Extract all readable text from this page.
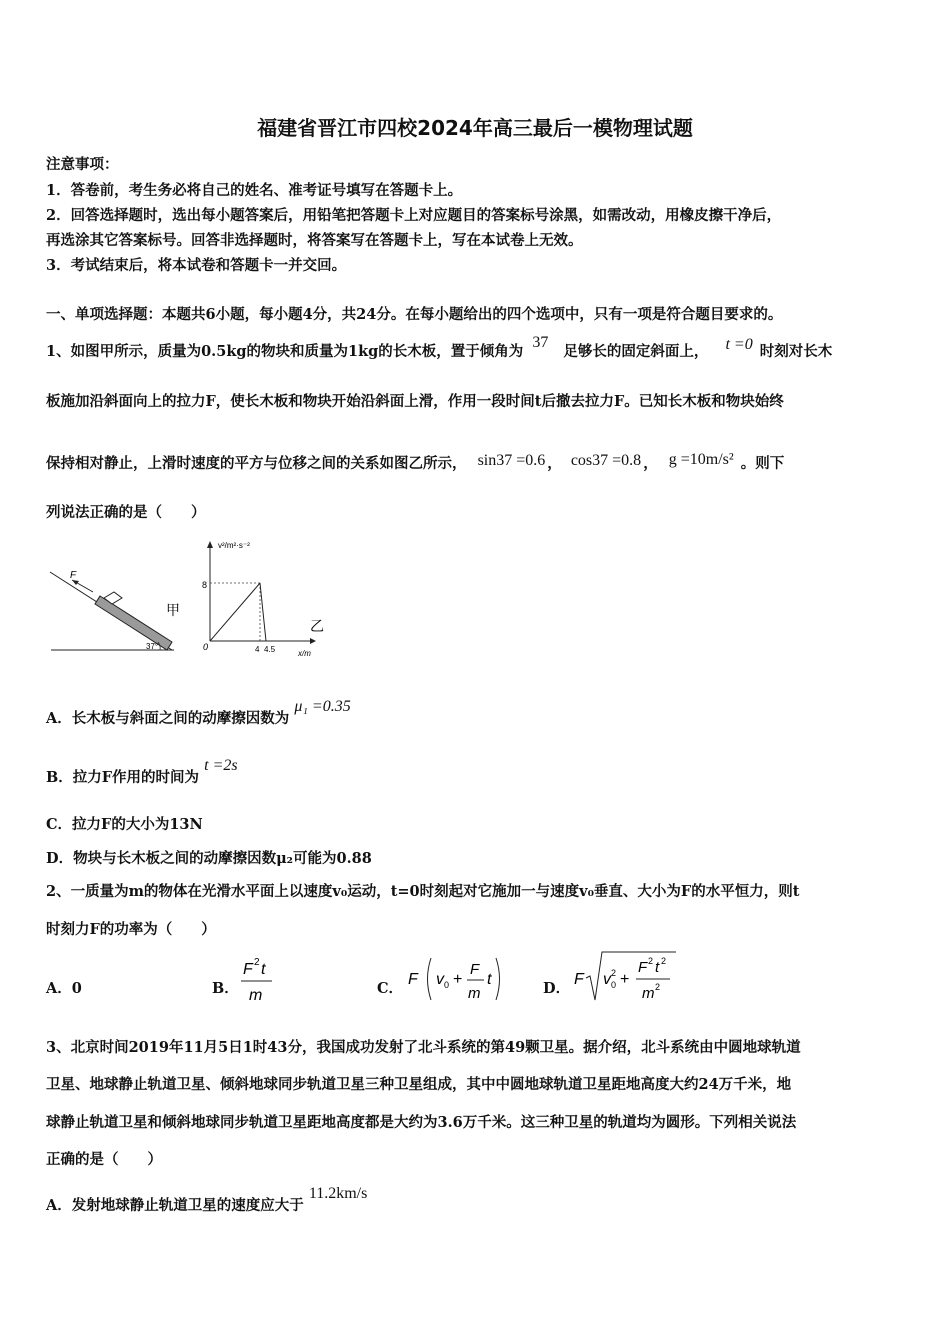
福建省晋江市四校2024年高三最后一模物理试题
注意事项：
1．答卷前，考生务必将自己的姓名、准考证号填写在答题卡上。
2．回答选择题时，选出每小题答案后，用铅笔把答题卡上对应题目的答案标号涂黑，如需改动，用橡皮擦干净后，
再选涂其它答案标号。回答非选择题时，将答案写在答题卡上，写在本试卷上无效。
3．考试结束后，将本试卷和答题卡一并交回。
一、单项选择题：本题共6小题，每小题4分，共24分。在每小题给出的四个选项中，只有一项是符合题目要求的。
1、如图甲所示，质量为0.5kg的物块和质量为1kg的长木板，置于倾角为 37 足够长的固定斜面上， t =0 时刻对长木
板施加沿斜面向上的拉力F，使长木板和物块开始沿斜面上滑，作用一段时间t后撤去拉力F。已知长木板和物块始终
保持相对静止，上滑时速度的平方与位移之间的关系如图乙所示， sin37 =0.6 ， cos37 =0.8 ， g =10m/s² 。则下
列说法正确的是（　　）
F
37°
甲
v²/m²·s⁻²
x/m
8
0	4 4.5
乙
A．长木板与斜面之间的动摩擦因数为 μ₁ =0.35
B．拉力F作用的时间为 t =2s
C．拉力F的大小为13N
D．物块与长木板之间的动摩擦因数μ₂可能为0.88
2、一质量为m的物体在光滑水平面上以速度v₀运动，t=0时刻起对它施加一与速度v₀垂直、大小为F的水平恒力，则t
时刻力F的功率为（　　）
A．0	B．
F 2 t
m	C．
F v 0 +
F
m
t
D．
F v 2
0 +
F 2 t 2
m 2
3、北京时间2019年11月5日1时43分，我国成功发射了北斗系统的第49颗卫星。据介绍，北斗系统由中圆地球轨道
卫星、地球静止轨道卫星、倾斜地球同步轨道卫星三种卫星组成，其中中圆地球轨道卫星距地高度大约24万千米，地
球静止轨道卫星和倾斜地球同步轨道卫星距地高度都是大约为3.6万千米。这三种卫星的轨道均为圆形。下列相关说法
正确的是（　　）
A．发射地球静止轨道卫星的速度应大于 11.2km/s
